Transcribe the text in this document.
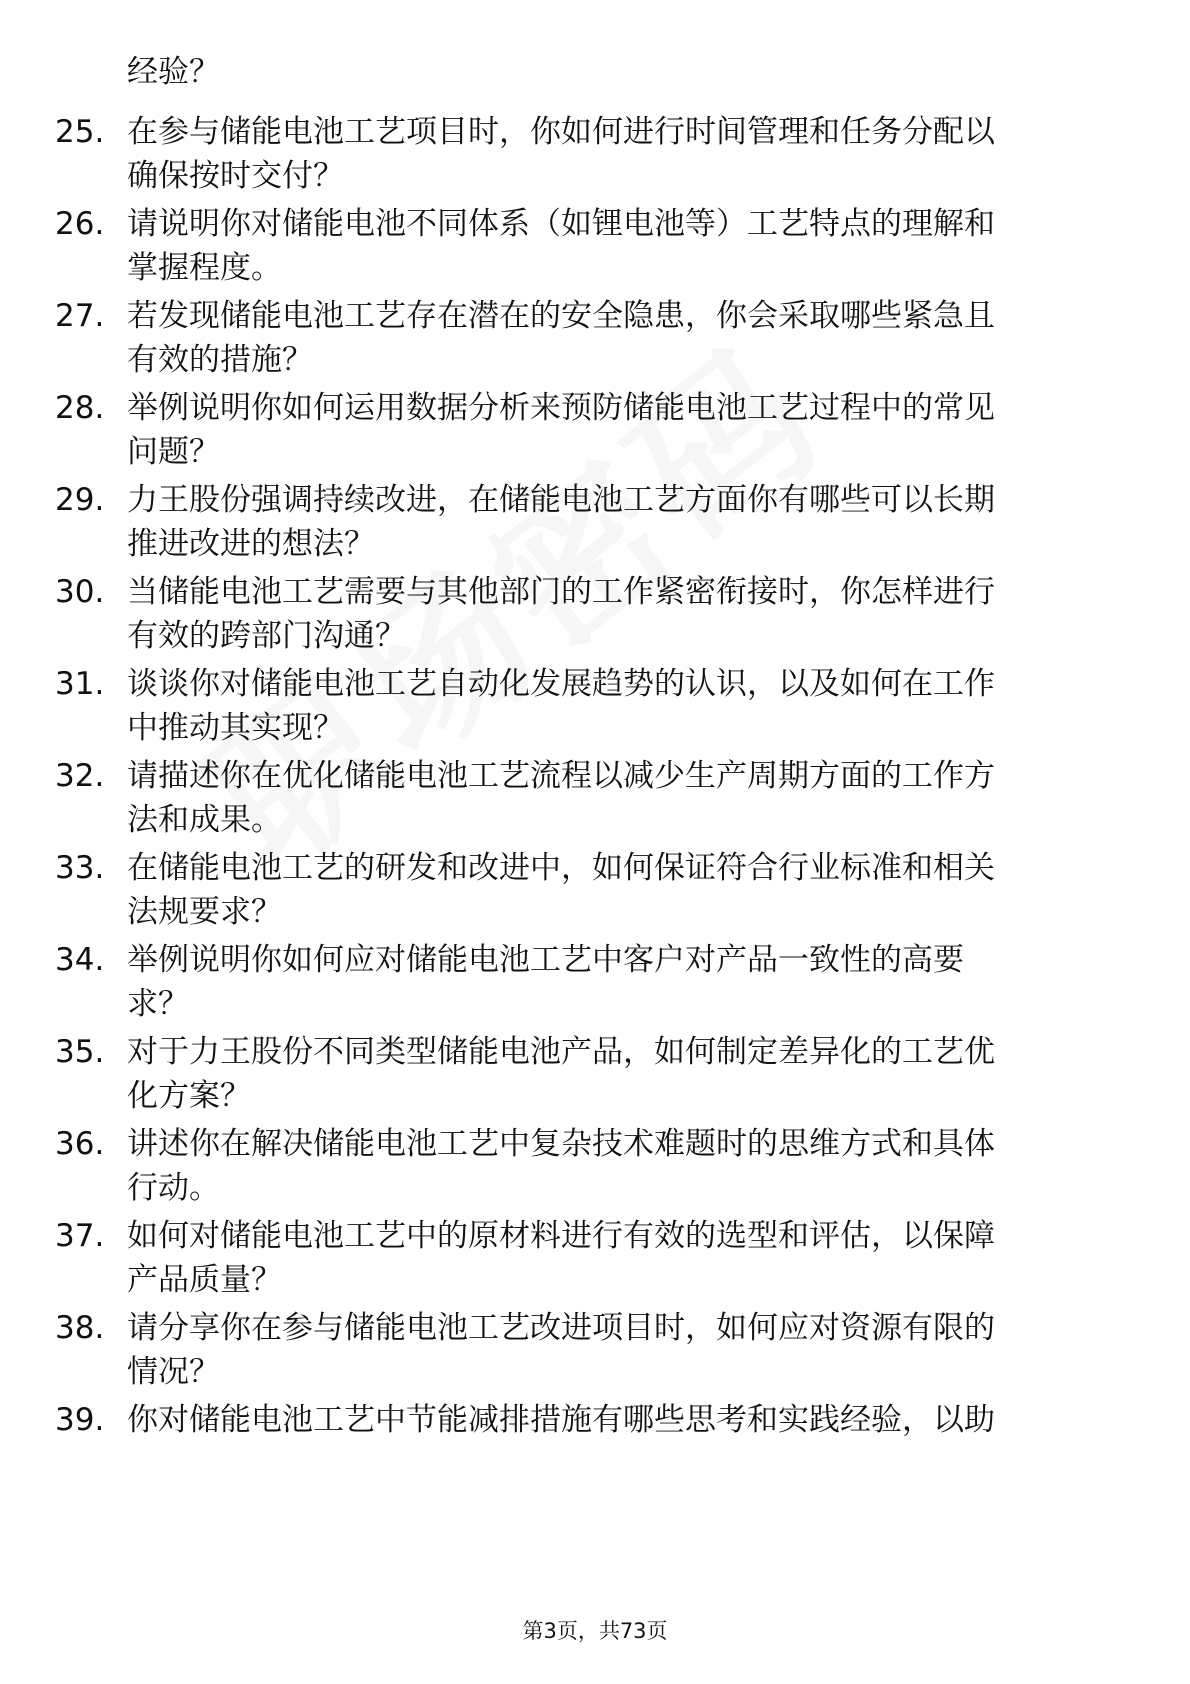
经验？
25. 在参与储能电池工艺项目时，你如何进行时间管理和任务分配以
确保按时交付？
26. 请说明你对储能电池不同体系（如锂电池等）工艺特点的理解和
掌握程度。
27. 若发现储能电池工艺存在潜在的安全隐患，你会采取哪些紧急且
有效的措施？
28. 举例说明你如何运用数据分析来预防储能电池工艺过程中的常见
问题？
29. 力王股份强调持续改进，在储能电池工艺方面你有哪些可以长期
推进改进的想法？
30. 当储能电池工艺需要与其他部门的工作紧密衔接时，你怎样进行
有效的跨部门沟通？
31. 谈谈你对储能电池工艺自动化发展趋势的认识，以及如何在工作
中推动其实现？
32. 请描述你在优化储能电池工艺流程以减少生产周期方面的工作方
法和成果。
33. 在储能电池工艺的研发和改进中，如何保证符合行业标准和相关
法规要求？
34. 举例说明你如何应对储能电池工艺中客户对产品一致性的高要
求？
35. 对于力王股份不同类型储能电池产品，如何制定差异化的工艺优
化方案？
36. 讲述你在解决储能电池工艺中复杂技术难题时的思维方式和具体
行动。
37. 如何对储能电池工艺中的原材料进行有效的选型和评估，以保障
产品质量？
38. 请分享你在参与储能电池工艺改进项目时，如何应对资源有限的
情况？
39. 你对储能电池工艺中节能减排措施有哪些思考和实践经验，以助
第3页，共73页
